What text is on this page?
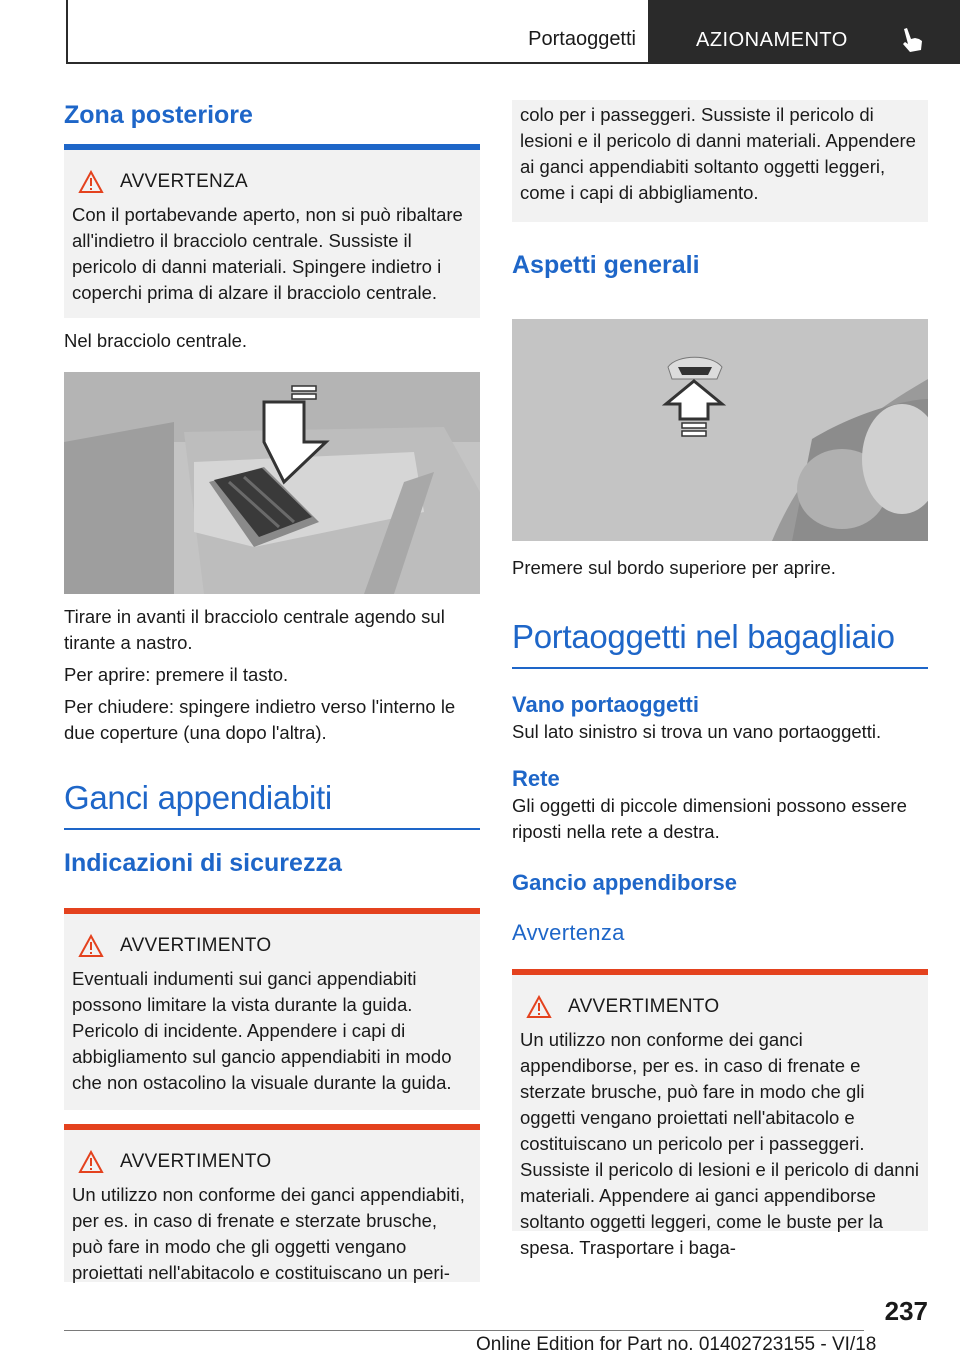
Portaoggetti	AZIONAMENTO
Zona posteriore
AVVERTENZA
Con il portabevande aperto, non si può ribaltare all'indietro il bracciolo centrale. Sussiste il pericolo di danni materiali. Spingere indietro i coperchi prima di alzare il bracciolo centrale.

Nel bracciolo centrale.

Tirare in avanti il bracciolo centrale agendo sul tirante a nastro.

Per aprire: premere il tasto.

Per chiudere: spingere indietro verso l'interno le due coperture (una dopo l'altra).

Ganci appendiabiti
Indicazioni di sicurezza
AVVERTIMENTO
Eventuali indumenti sui ganci appendiabiti possono limitare la vista durante la guida. Pericolo di incidente. Appendere i capi di abbigliamento sul gancio appendiabiti in modo che non ostacolino la visuale durante la guida.
AVVERTIMENTO
Un utilizzo non conforme dei ganci appendiabiti, per es. in caso di frenate e sterzate brusche, può fare in modo che gli oggetti vengano proiettati nell'abitacolo e costituiscano un peri-
colo per i passeggeri. Sussiste il pericolo di lesioni e il pericolo di danni materiali. Appendere ai ganci appendiabiti soltanto oggetti leggeri, come i capi di abbigliamento.
Aspetti generali

Premere sul bordo superiore per aprire.

Portaoggetti nel bagagliaio
Vano portaoggetti

Sul lato sinistro si trova un vano portaoggetti.

Rete

Gli oggetti di piccole dimensioni possono essere riposti nella rete a destra.

Gancio appendiborse
Avvertenza
AVVERTIMENTO
Un utilizzo non conforme dei ganci appendiborse, per es. in caso di frenate e sterzate brusche, può fare in modo che gli oggetti vengano proiettati nell'abitacolo e costituiscano un pericolo per i passeggeri. Sussiste il pericolo di lesioni e il pericolo di danni materiali. Appendere ai ganci appendiborse soltanto oggetti leggeri, come le buste per la spesa. Trasportare i baga-
237
Online Edition for Part no. 01402723155 - VI/18
